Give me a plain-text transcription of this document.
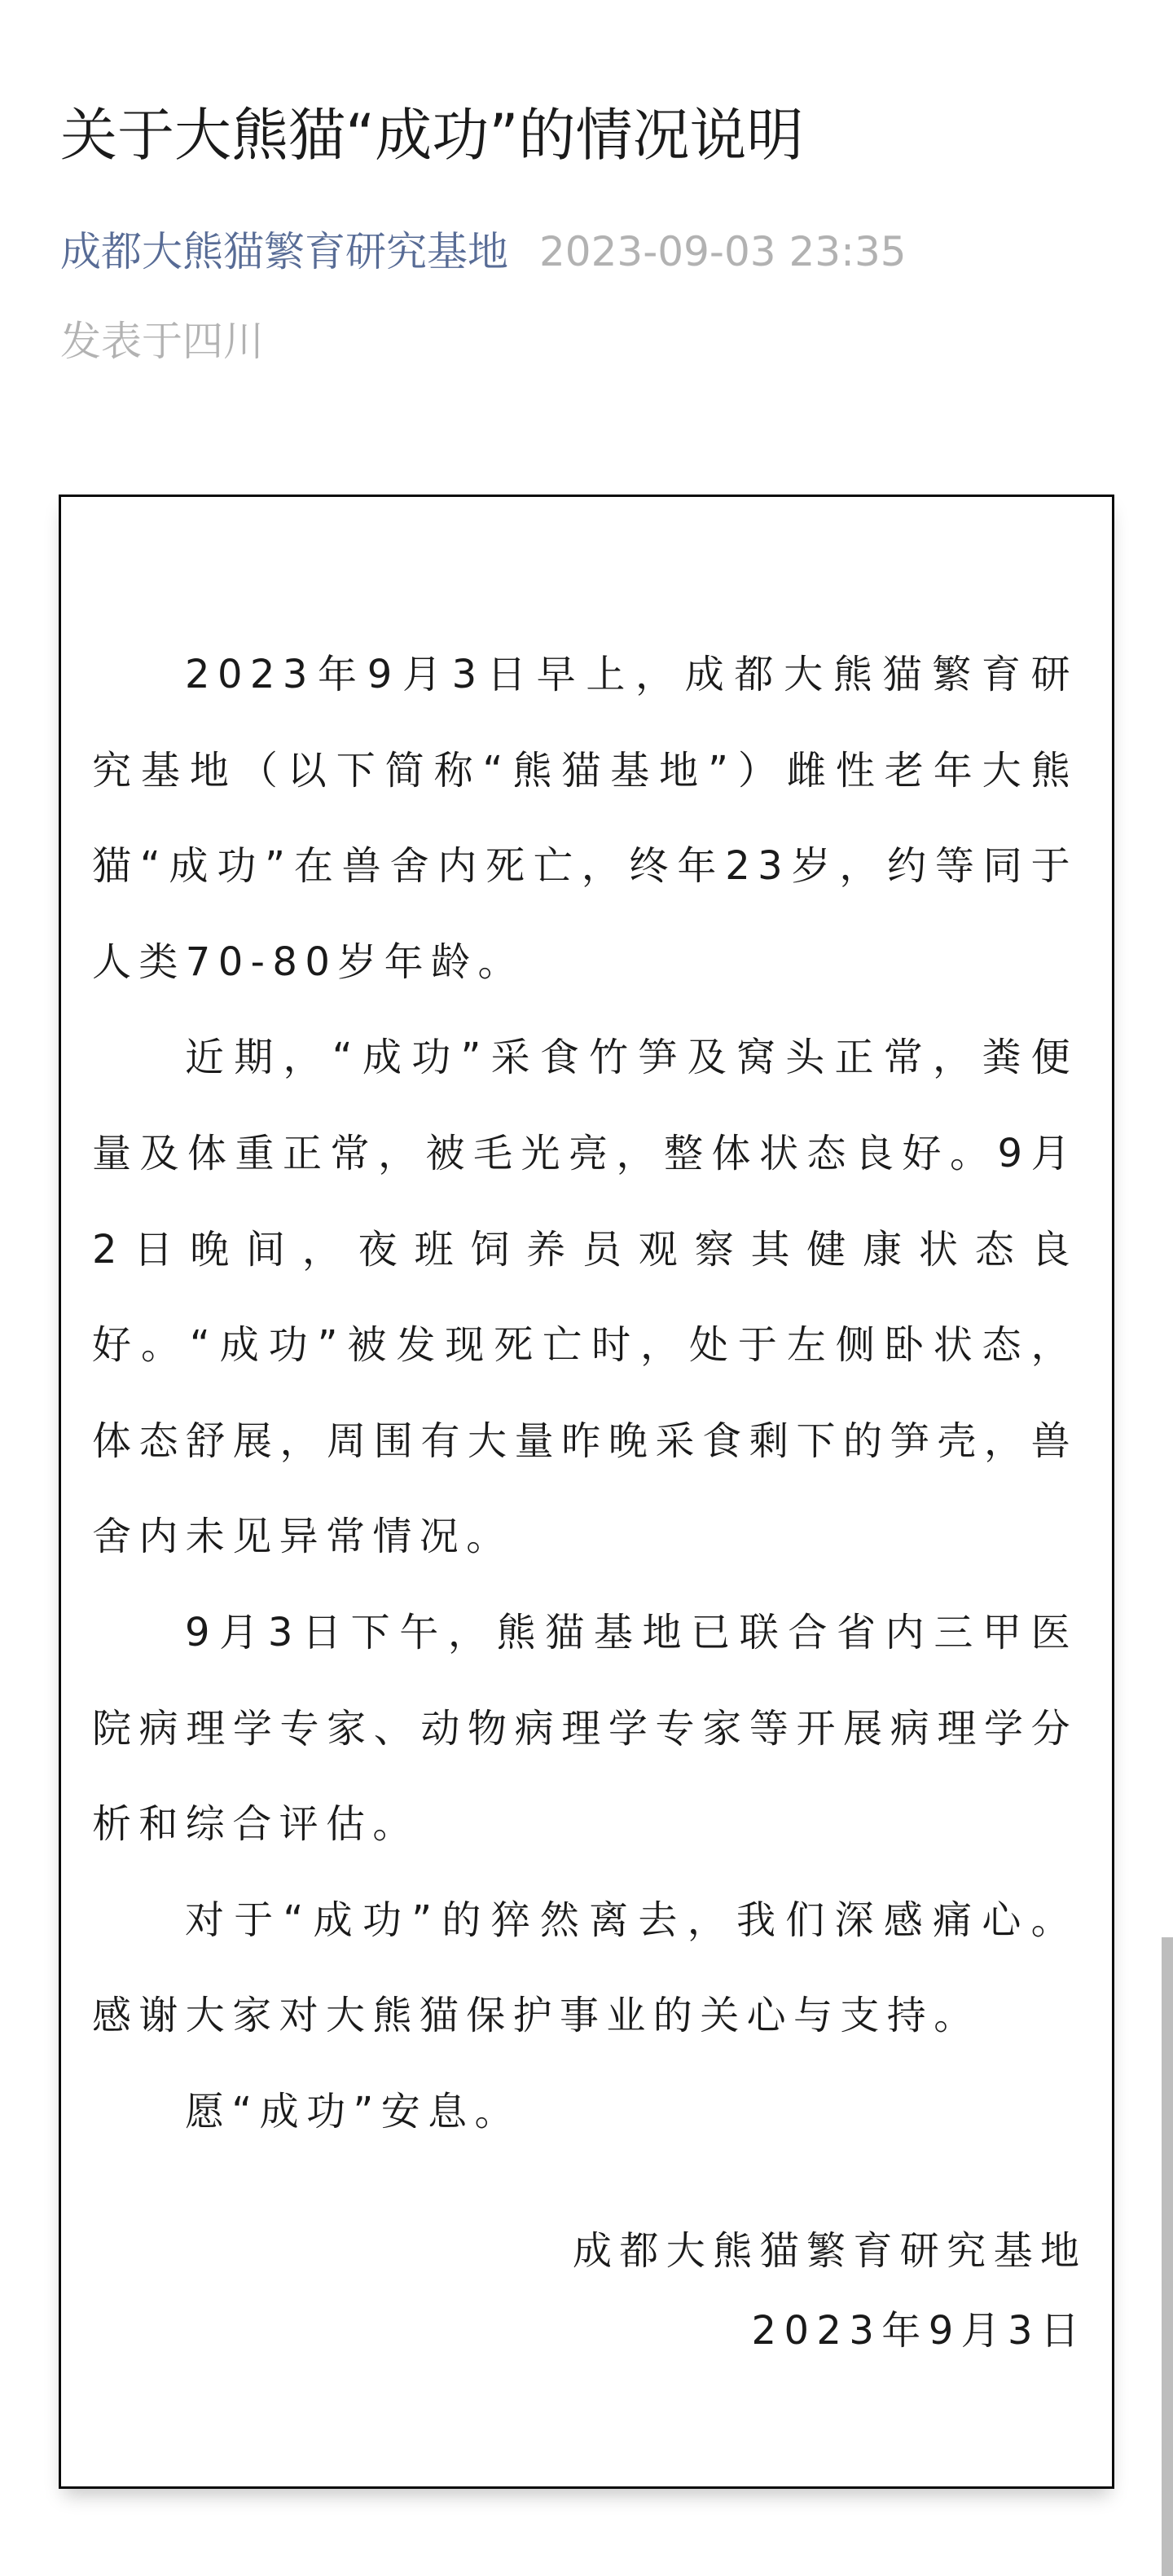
关于大熊猫“成功”的情况说明
成都大熊猫繁育研究基地 2023-09-03 23:35
发表于四川

2023年9月3日早上，成都大熊猫繁育研究基地（以下简称“熊猫基地”）雌性老年大熊猫“成功”在兽舍内死亡，终年23岁，约等同于人类70-80岁年龄。

近期，“成功”采食竹笋及窝头正常，粪便量及体重正常，被毛光亮，整体状态良好。9月2日晚间，夜班饲养员观察其健康状态良好。“成功”被发现死亡时，处于左侧卧状态，体态舒展，周围有大量昨晚采食剩下的笋壳，兽舍内未见异常情况。

9月3日下午，熊猫基地已联合省内三甲医院病理学专家、动物病理学专家等开展病理学分析和综合评估。

对于“成功”的猝然离去，我们深感痛心。感谢大家对大熊猫保护事业的关心与支持。

愿“成功”安息。

成都大熊猫繁育研究基地
2023年9月3日
